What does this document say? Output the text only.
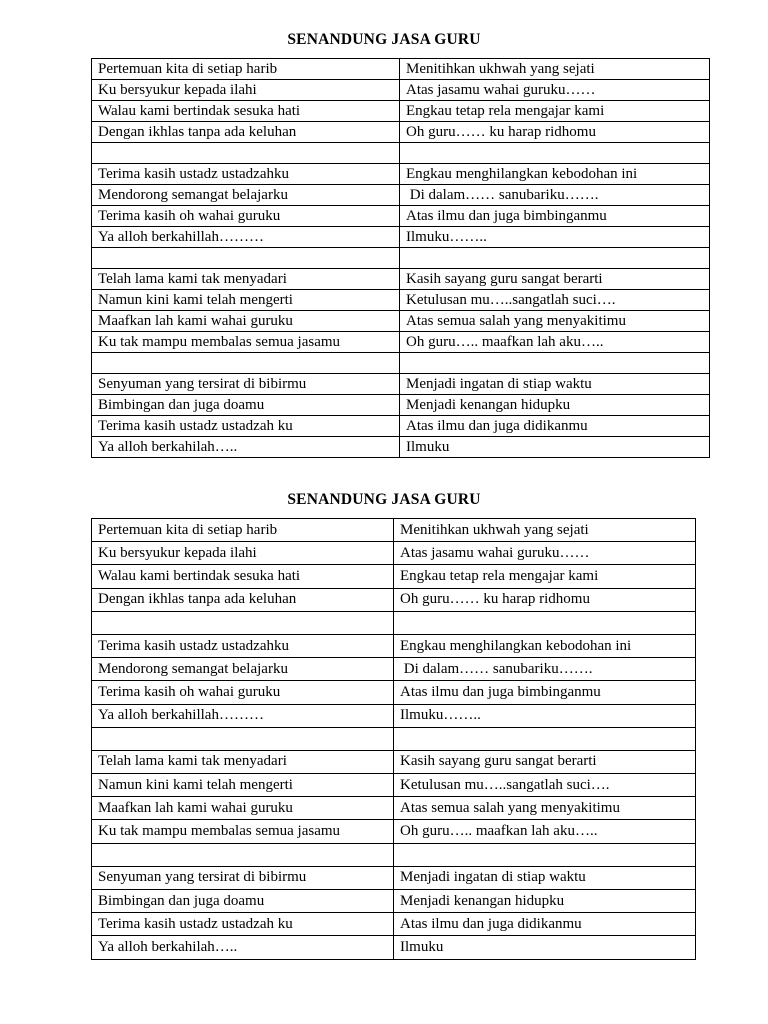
SENANDUNG JASA GURU
Pertemuan kita di setiap harib	Menitihkan ukhwah yang sejati
Ku bersyukur kepada ilahi	Atas jasamu wahai guruku……
Walau kami bertindak sesuka hati	Engkau tetap rela mengajar kami
Dengan ikhlas tanpa ada keluhan	Oh guru…… ku harap ridhomu

Terima kasih ustadz ustadzahku	Engkau menghilangkan kebodohan ini
Mendorong semangat belajarku	Di dalam…… sanubariku…….
Terima kasih oh wahai guruku	Atas ilmu dan juga bimbinganmu
Ya alloh berkahillah………	Ilmuku……..

Telah lama kami tak menyadari	Kasih sayang guru sangat berarti
Namun kini kami telah mengerti	Ketulusan mu…..sangatlah suci….
Maafkan lah kami wahai guruku	Atas semua salah yang menyakitimu
Ku tak mampu membalas semua jasamu	Oh guru….. maafkan lah aku…..

Senyuman yang tersirat di bibirmu	Menjadi ingatan di stiap waktu
Bimbingan dan juga doamu	Menjadi kenangan hidupku
Terima kasih ustadz ustadzah ku	Atas ilmu dan juga didikanmu
Ya alloh berkahilah…..	Ilmuku
SENANDUNG JASA GURU
Pertemuan kita di setiap harib	Menitihkan ukhwah yang sejati
Ku bersyukur kepada ilahi	Atas jasamu wahai guruku……
Walau kami bertindak sesuka hati	Engkau tetap rela mengajar kami
Dengan ikhlas tanpa ada keluhan	Oh guru…… ku harap ridhomu

Terima kasih ustadz ustadzahku	Engkau menghilangkan kebodohan ini
Mendorong semangat belajarku	Di dalam…… sanubariku…….
Terima kasih oh wahai guruku	Atas ilmu dan juga bimbinganmu
Ya alloh berkahillah………	Ilmuku……..

Telah lama kami tak menyadari	Kasih sayang guru sangat berarti
Namun kini kami telah mengerti	Ketulusan mu…..sangatlah suci….
Maafkan lah kami wahai guruku	Atas semua salah yang menyakitimu
Ku tak mampu membalas semua jasamu	Oh guru….. maafkan lah aku…..

Senyuman yang tersirat di bibirmu	Menjadi ingatan di stiap waktu
Bimbingan dan juga doamu	Menjadi kenangan hidupku
Terima kasih ustadz ustadzah ku	Atas ilmu dan juga didikanmu
Ya alloh berkahilah…..	Ilmuku
